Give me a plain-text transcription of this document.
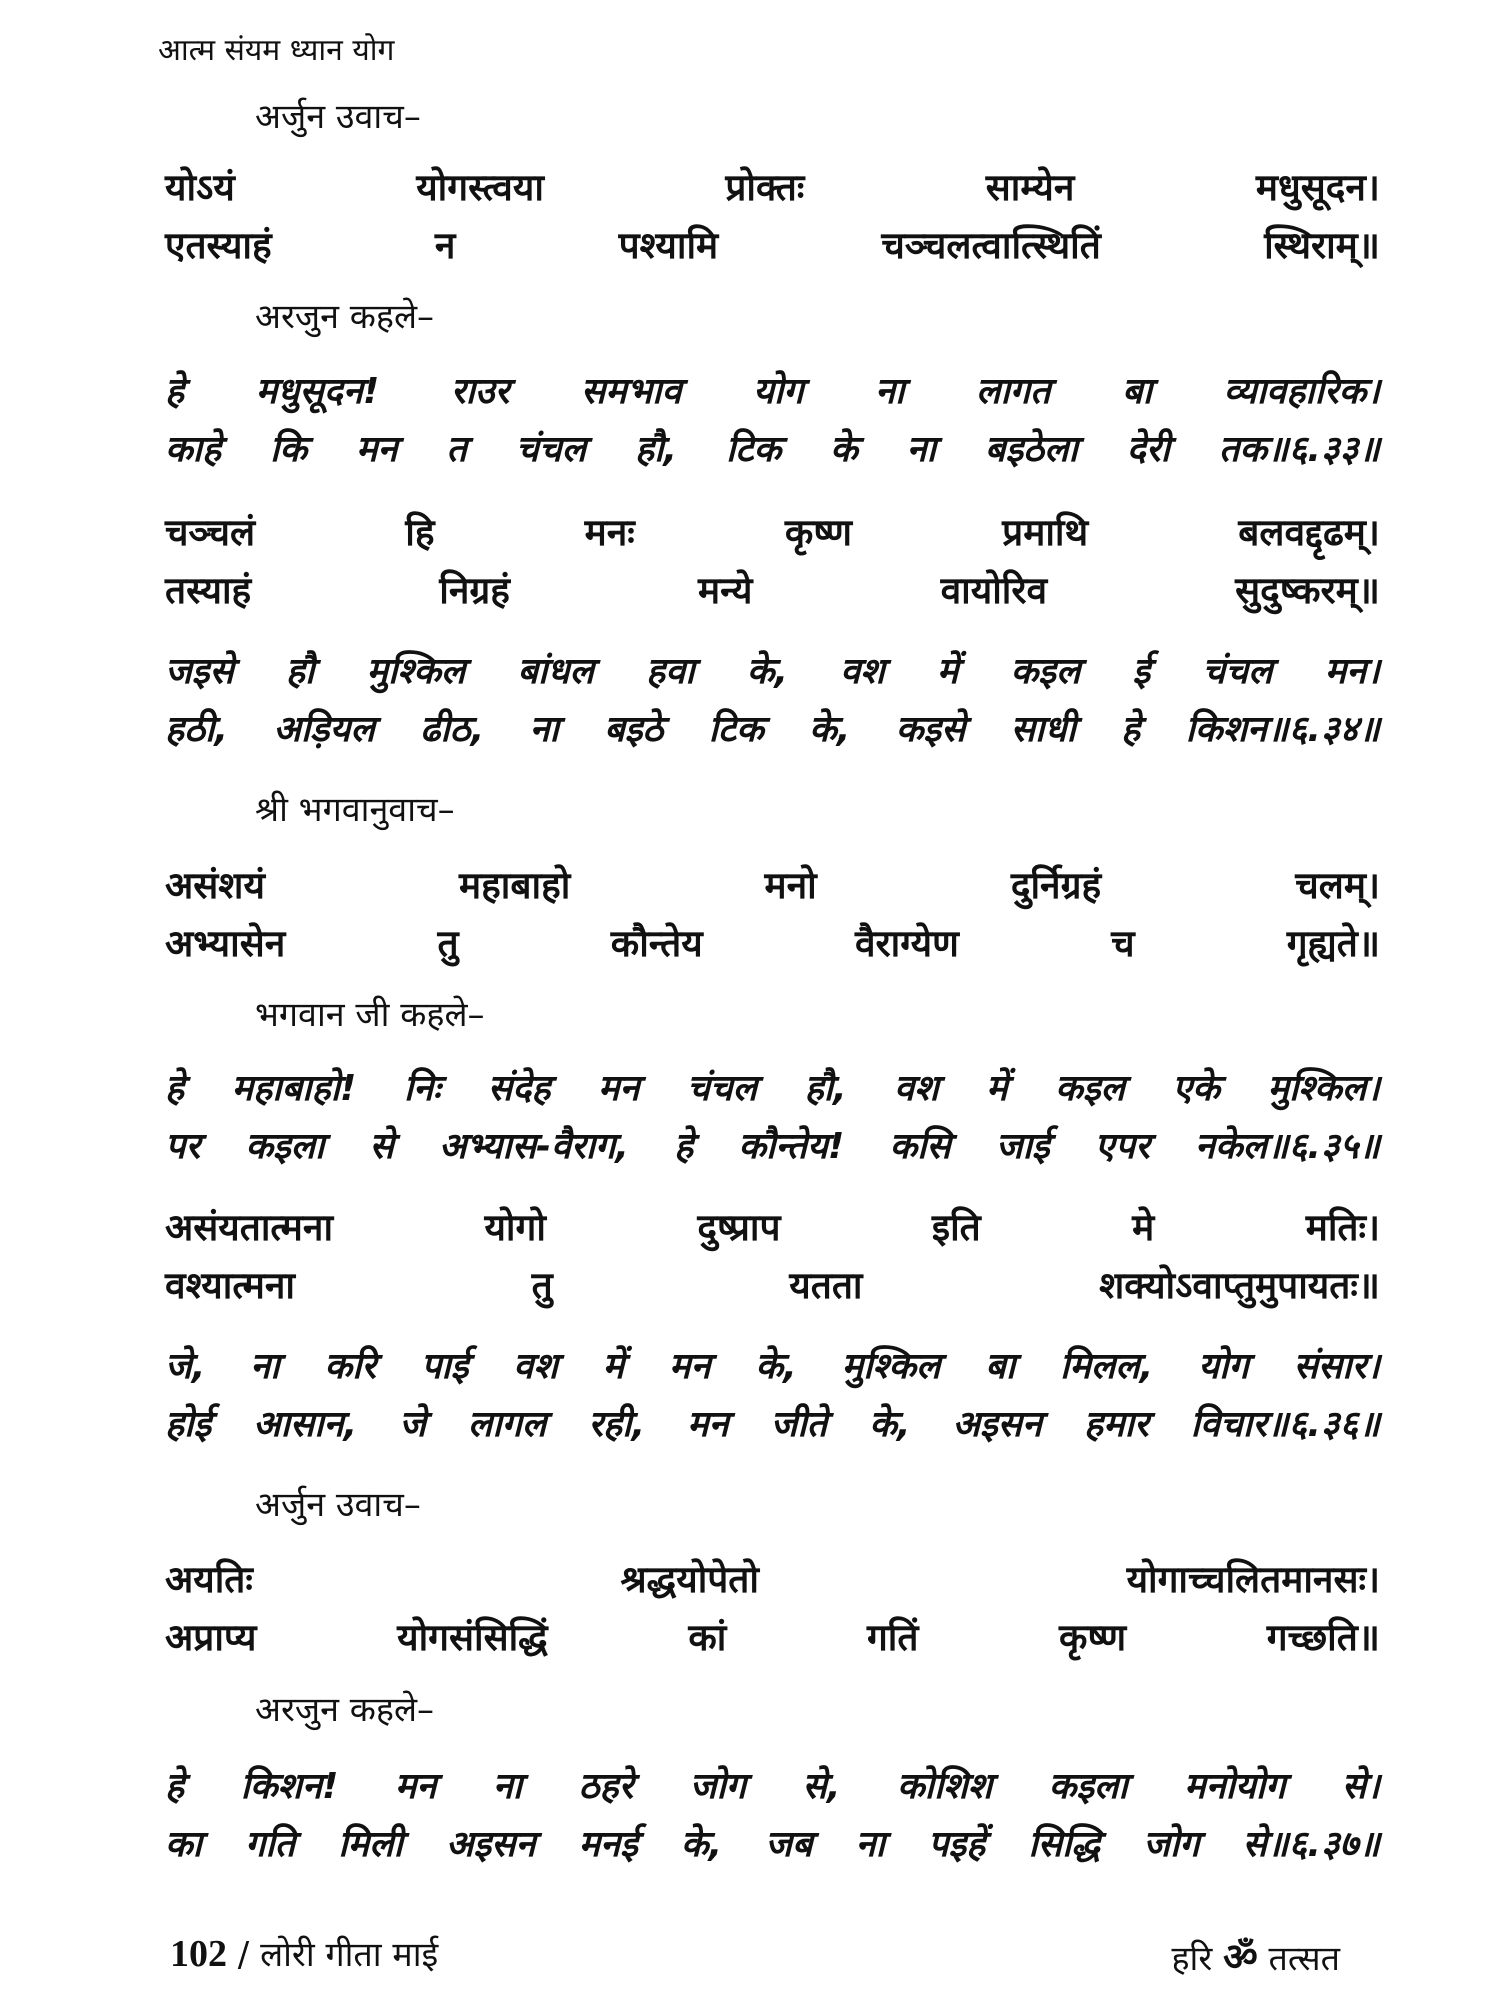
आत्म संयम ध्यान योग
अर्जुन उवाच–
योऽयं	योगस्त्वया	प्रोक्तः	साम्येन	मधुसूदन।
एतस्याहं	न	पश्यामि	चञ्चलत्वात्स्थितिं	स्थिराम्॥
अरजुन कहले–
हे मधुसूदन! राउर समभाव योग ना लागत बा व्यावहारिक।
काहे कि मन त चंचल हौ, टिक के ना बइठेला देरी तक॥६.३३॥
चञ्चलं	हि	मनः	कृष्ण	प्रमाथि	बलवद्दृढम्।
तस्याहं	निग्रहं	मन्ये	वायोरिव	सुदुष्करम्॥
जइसे हौ मुश्किल बांधल हवा के, वश में कइल ई चंचल मन।
हठी, अड़ियल ढीठ, ना बइठे टिक के, कइसे साधी हे किशन॥६.३४॥
श्री भगवानुवाच–
असंशयं	महाबाहो	मनो	दुर्निग्रहं	चलम्।
अभ्यासेन	तु	कौन्तेय	वैराग्येण	च	गृह्यते॥
भगवान जी कहले–
हे महाबाहो! निः संदेह मन चंचल हौ, वश में कइल एके मुश्किल।
पर कइला से अभ्यास-वैराग, हे कौन्तेय! कसि जाई एपर नकेल॥६.३५॥
असंयतात्मना	योगो	दुष्प्राप	इति	मे	मतिः।
वश्यात्मना	तु	यतता	शक्योऽवाप्तुमुपायतः॥
जे, ना करि पाई वश में मन के, मुश्किल बा मिलल, योग संसार।
होई आसान, जे लागल रही, मन जीते के, अइसन हमार विचार॥६.३६॥
अर्जुन उवाच–
अयतिः	श्रद्धयोपेतो	योगाच्चलितमानसः।
अप्राप्य	योगसंसिद्धिं	कां	गतिं	कृष्ण	गच्छति॥
अरजुन कहले–
हे किशन! मन ना ठहरे जोग से, कोशिश कइला मनोयोग से।
का गति मिली अइसन मनई के, जब ना पइहें सिद्धि जोग से॥६.३७॥
102 / लोरी गीता माई	हरि ॐ तत्सत
